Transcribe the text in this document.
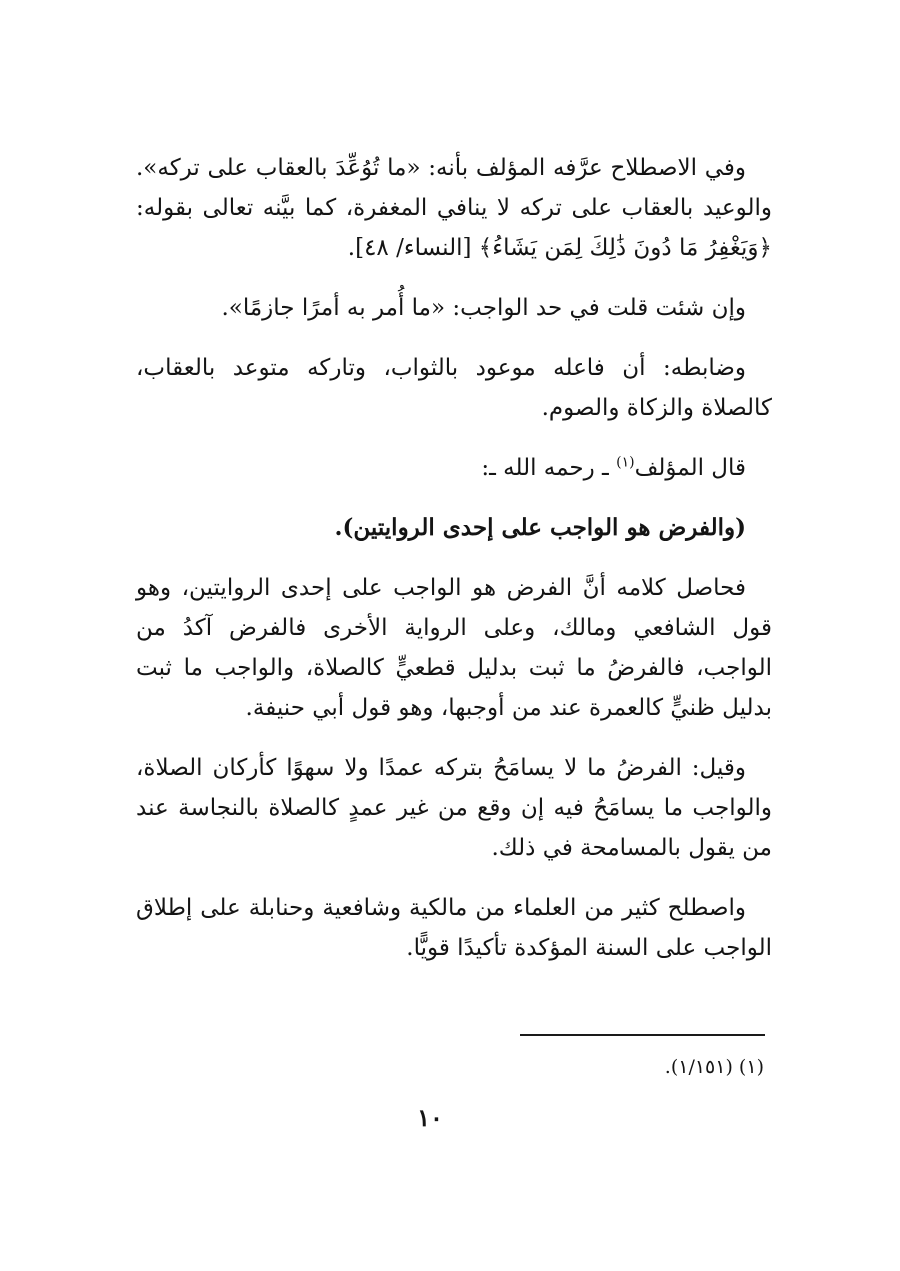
وفي الاصطلاح عرَّفه المؤلف بأنه: «ما تُوُعِّدَ بالعقاب على تركه». والوعيد بالعقاب على تركه لا ينافي المغفرة، كما بيَّنه تعالى بقوله: ﴿وَيَغْفِرُ مَا دُونَ ذَٰلِكَ لِمَن يَشَاءُ﴾ [النساء/ ٤٨].

وإن شئت قلت في حد الواجب: «ما أُمر به أمرًا جازمًا».

وضابطه: أن فاعله موعود بالثواب، وتاركه متوعد بالعقاب، كالصلاة والزكاة والصوم.

قال المؤلف$^{(١)}$ ـ رحمه الله ـ:

(والفرض هو الواجب على إحدى الروايتين).

فحاصل كلامه أنَّ الفرض هو الواجب على إحدى الروايتين، وهو قول الشافعي ومالك، وعلى الرواية الأخرى فالفرض آكدُ من الواجب، فالفرضُ ما ثبت بدليل قطعيٍّ كالصلاة، والواجب ما ثبت بدليل ظنيٍّ كالعمرة عند من أوجبها، وهو قول أبي حنيفة.

وقيل: الفرضُ ما لا يسامَحُ بتركه عمدًا ولا سهوًا كأركان الصلاة، والواجب ما يسامَحُ فيه إن وقع من غير عمدٍ كالصلاة بالنجاسة عند من يقول بالمسامحة في ذلك.

واصطلح كثير من العلماء من مالكية وشافعية وحنابلة على إطلاق الواجب على السنة المؤكدة تأكيدًا قويًّا.

(١) (١/١٥١).
١٠
